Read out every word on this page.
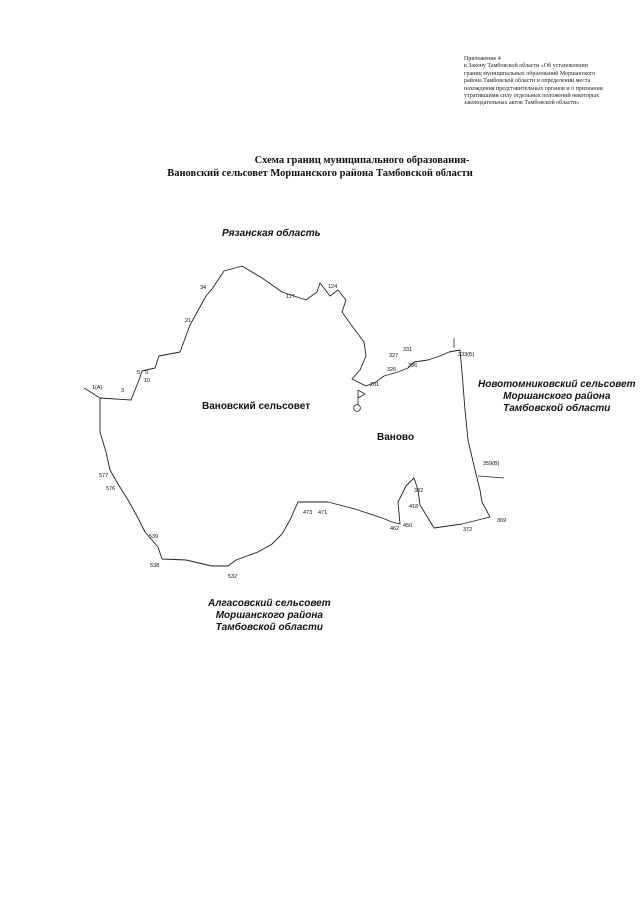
Приложение 4
к Закону Тамбовской области «Об установлении
границ муниципальных образований Моршанского
района Тамбовской области и определении места
нахождения представительных органов и о признании
утратившими силу отдельных положений некоторых
законодательных актов Тамбовской области»
Схема границ муниципального образования-
Вановский сельсовет Моршанского района Тамбовской области
Рязанская область
Новотомниковский сельсовет
Моршанского района
Тамбовской области
Алгасовский сельсовет
Моршанского района
Тамбовской области
Вановский сельсовет
Ваново
1(А)	3
5 9
10
21
34
117
124
281
326
327
331
336
333(Б)
359(В)
369
372
382
418
450
462
471
473
532
538
539
576
577
